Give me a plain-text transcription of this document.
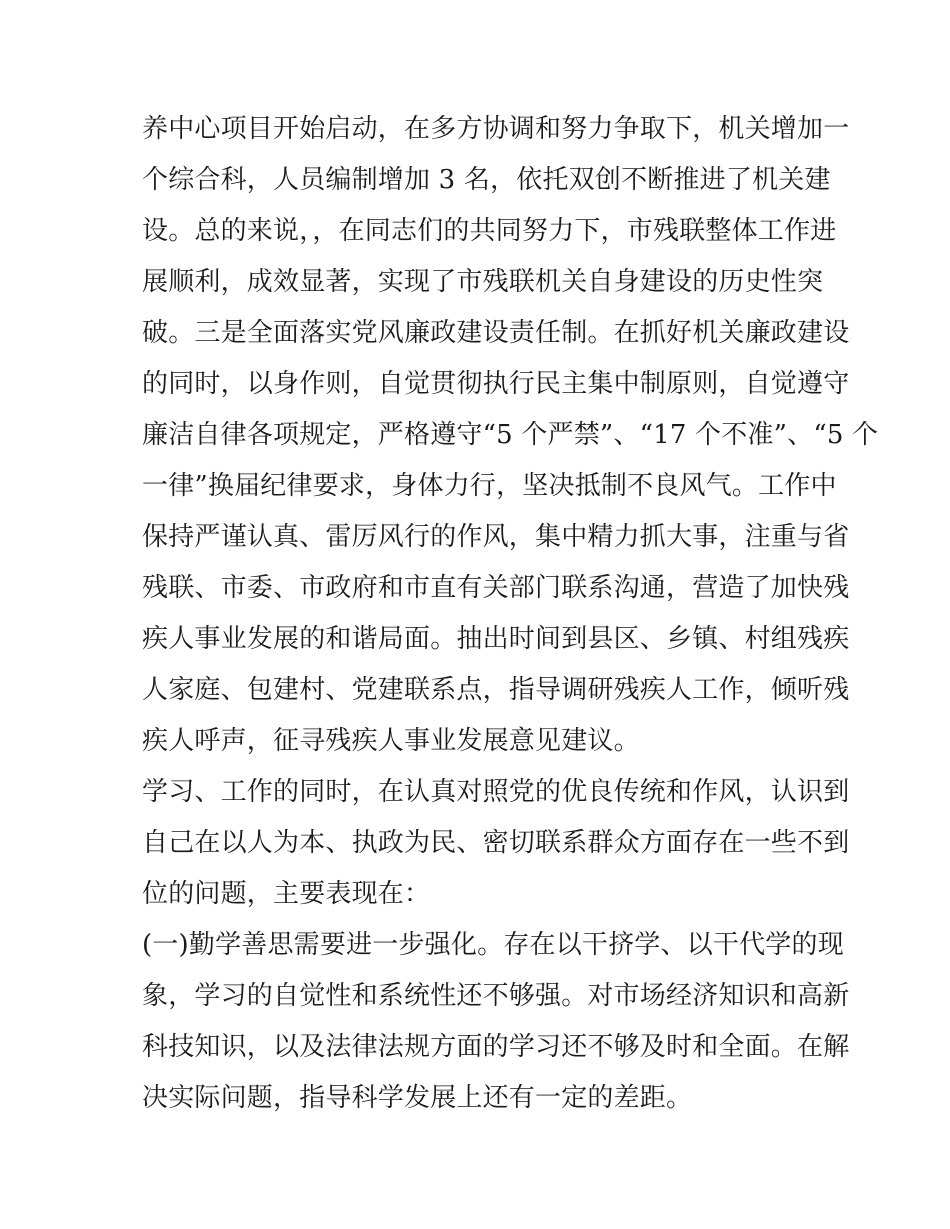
养中心项目开始启动，在多方协调和努力争取下，机关增加一
个综合科，人员编制增加 3 名，依托双创不断推进了机关建
设。总的来说，，在同志们的共同努力下，市残联整体工作进
展顺利，成效显著，实现了市残联机关自身建设的历史性突
破。三是全面落实党风廉政建设责任制。在抓好机关廉政建设
的同时，以身作则，自觉贯彻执行民主集中制原则，自觉遵守
廉洁自律各项规定，严格遵守“5 个严禁”、“17 个不准”、“5 个
一律”换届纪律要求，身体力行，坚决抵制不良风气。工作中
保持严谨认真、雷厉风行的作风，集中精力抓大事，注重与省
残联、市委、市政府和市直有关部门联系沟通，营造了加快残
疾人事业发展的和谐局面。抽出时间到县区、乡镇、村组残疾
人家庭、包建村、党建联系点，指导调研残疾人工作，倾听残
疾人呼声，征寻残疾人事业发展意见建议。
学习、工作的同时，在认真对照党的优良传统和作风，认识到
自己在以人为本、执政为民、密切联系群众方面存在一些不到
位的问题，主要表现在：
(一)勤学善思需要进一步强化。存在以干挤学、以干代学的现
象，学习的自觉性和系统性还不够强。对市场经济知识和高新
科技知识，以及法律法规方面的学习还不够及时和全面。在解
决实际问题，指导科学发展上还有一定的差距。
